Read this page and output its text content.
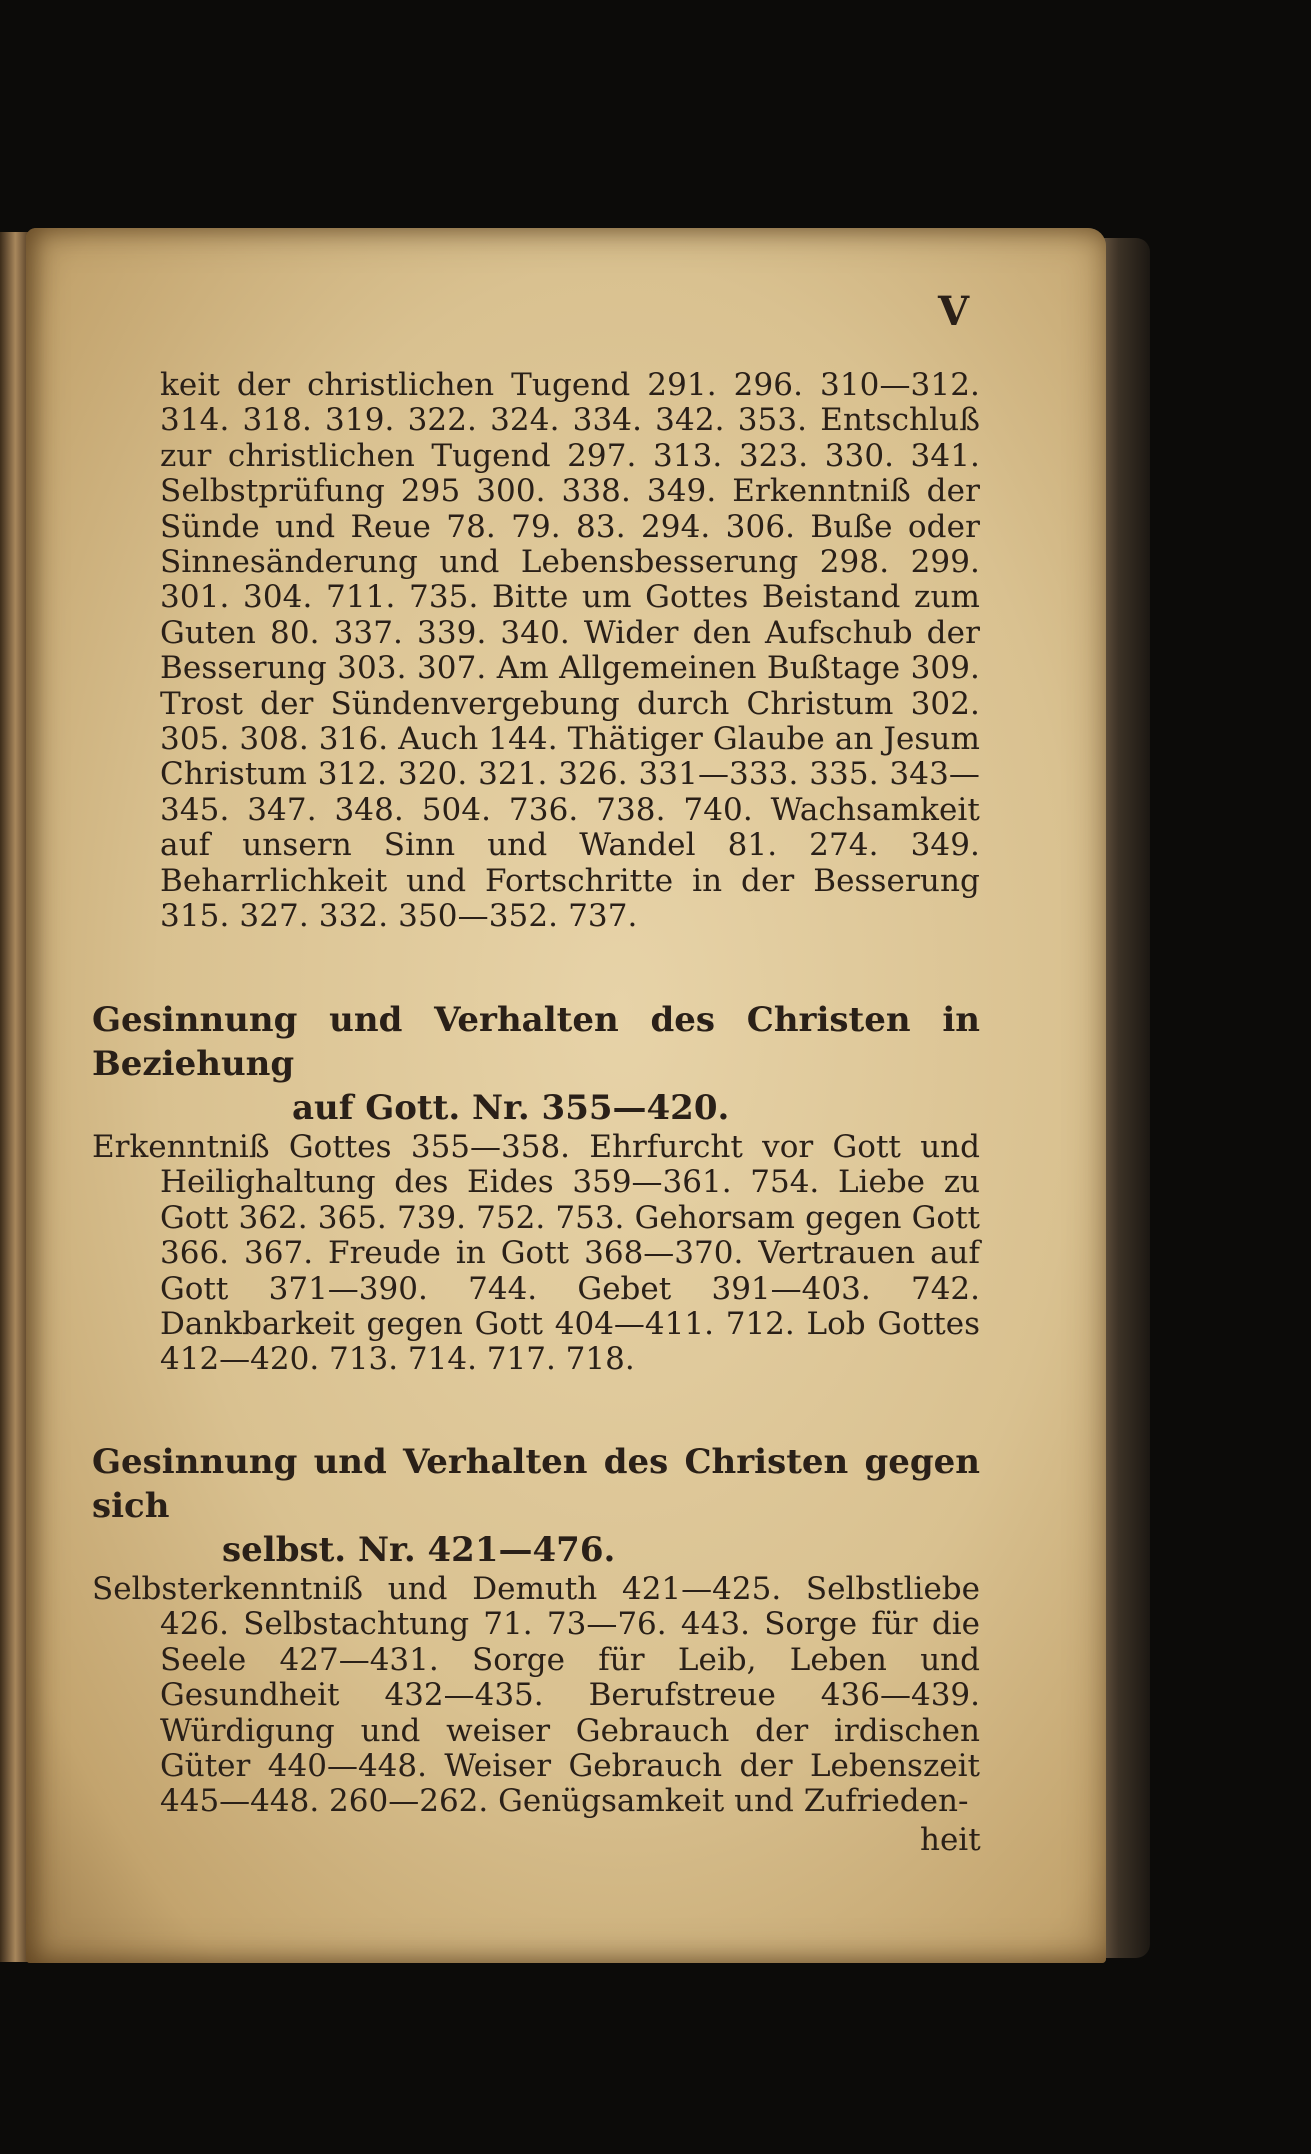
V
keit der christlichen Tugend 291. 296. 310—312. 314. 318. 319. 322. 324. 334. 342. 353. Entschluß zur christlichen Tugend 297. 313. 323. 330. 341. Selbstprüfung 295 300. 338. 349. Erkenntniß der Sünde und Reue 78. 79. 83. 294. 306. Buße oder Sinnesänderung und Lebensbesserung 298. 299. 301. 304. 711. 735. Bitte um Gottes Beistand zum Guten 80. 337. 339. 340. Wider den Aufschub der Besserung 303. 307. Am Allgemeinen Bußtage 309. Trost der Sündenvergebung durch Christum 302. 305. 308. 316. Auch 144. Thätiger Glaube an Jesum Christum 312. 320. 321. 326. 331—333. 335. 343—345. 347. 348. 504. 736. 738. 740. Wachsamkeit auf unsern Sinn und Wandel 81. 274. 349. Beharrlichkeit und Fortschritte in der Besserung 315. 327. 332. 350—352. 737.
Gesinnung und Verhalten des Christen in Beziehung
auf Gott. Nr. 355—420.
Erkenntniß Gottes 355—358. Ehrfurcht vor Gott und Heilighaltung des Eides 359—361. 754. Liebe zu Gott 362. 365. 739. 752. 753. Gehorsam gegen Gott 366. 367. Freude in Gott 368—370. Vertrauen auf Gott 371—390. 744. Gebet 391—403. 742. Dankbarkeit gegen Gott 404—411. 712. Lob Gottes 412—420. 713. 714. 717. 718.
Gesinnung und Verhalten des Christen gegen sich
selbst. Nr. 421—476.
Selbsterkenntniß und Demuth 421—425. Selbstliebe 426. Selbstachtung 71. 73—76. 443. Sorge für die Seele 427—431. Sorge für Leib, Leben und Gesundheit 432—435. Berufstreue 436—439. Würdigung und weiser Gebrauch der irdischen Güter 440—448. Weiser Gebrauch der Lebenszeit 445—448. 260—262. Genügsamkeit und Zufrieden-
heit
